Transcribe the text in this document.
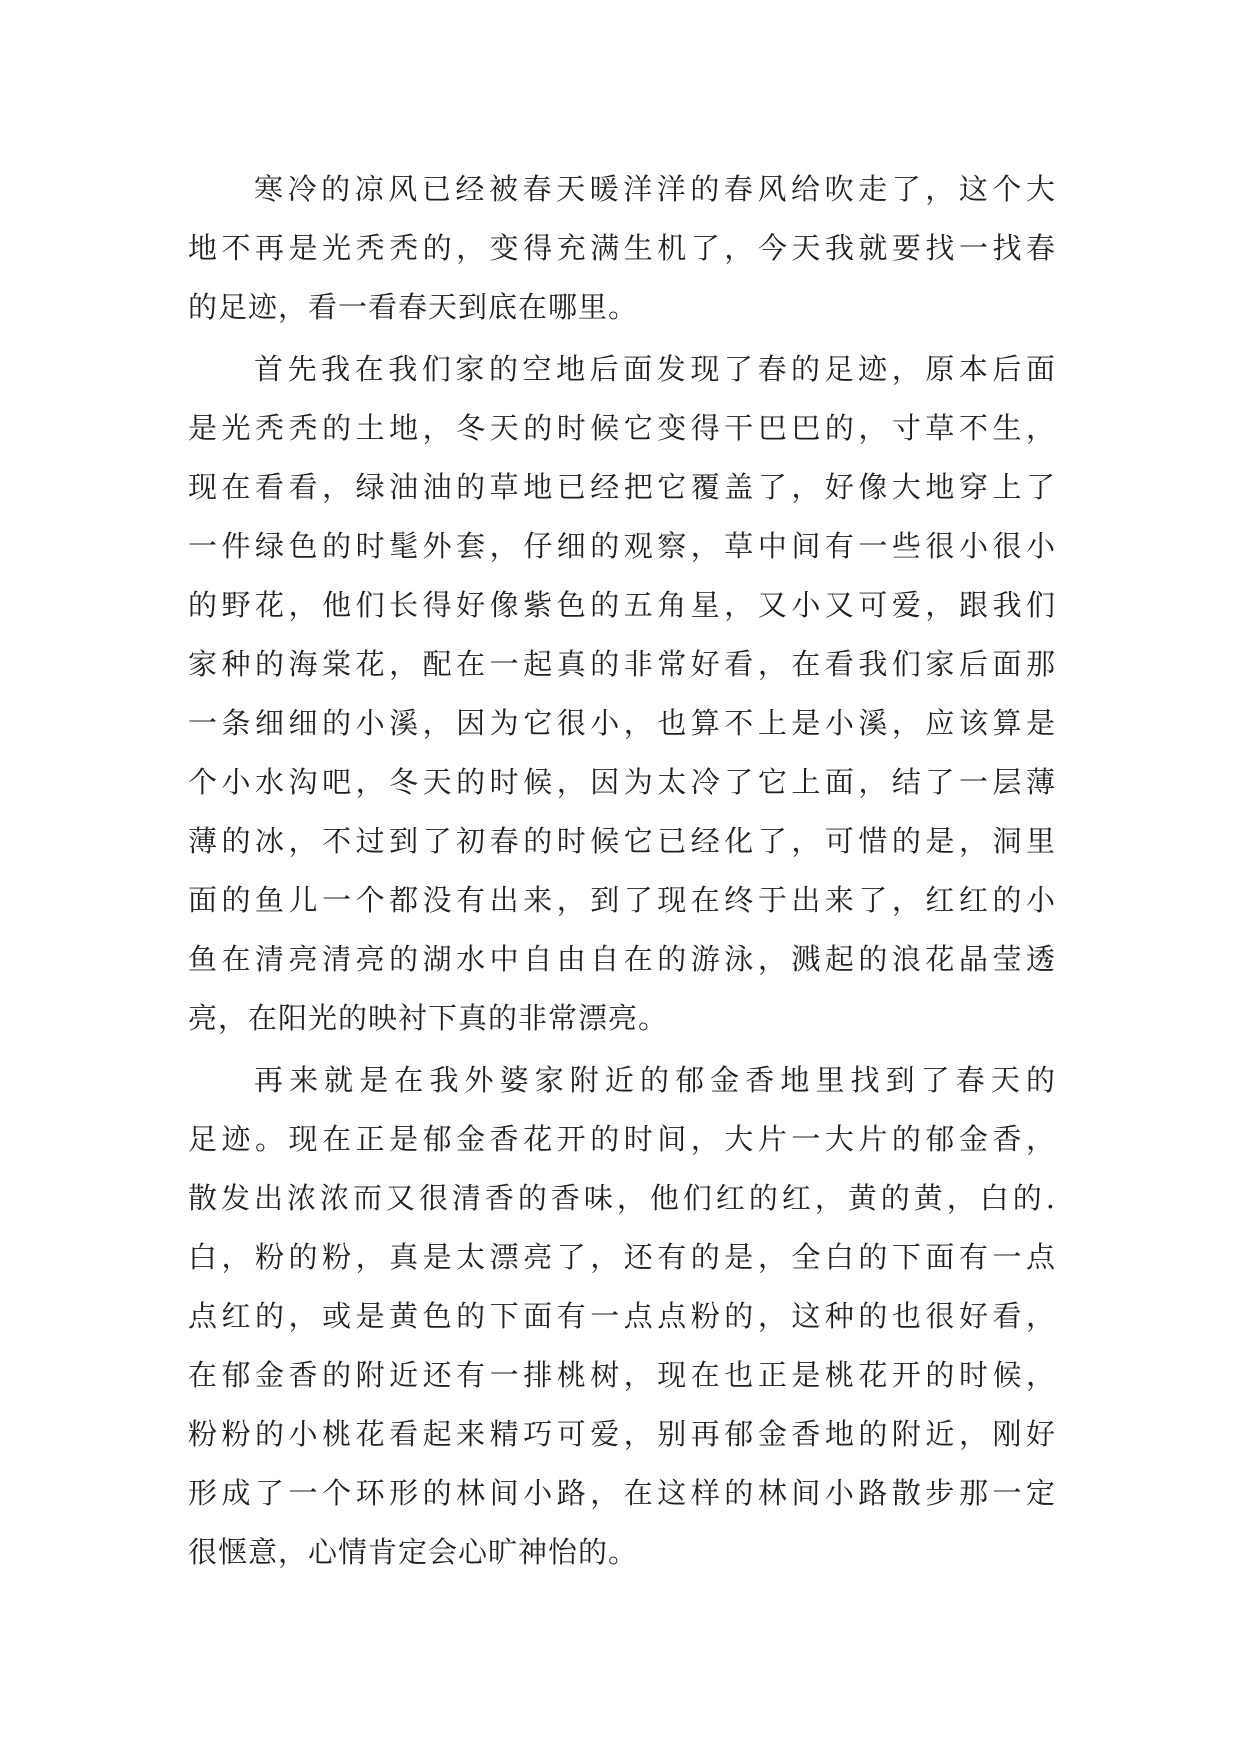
寒冷的凉风已经被春天暖洋洋的春风给吹走了，这个大
地不再是光秃秃的，变得充满生机了，今天我就要找一找春
的足迹，看一看春天到底在哪里。
首先我在我们家的空地后面发现了春的足迹，原本后面
是光秃秃的土地，冬天的时候它变得干巴巴的，寸草不生，
现在看看，绿油油的草地已经把它覆盖了，好像大地穿上了
一件绿色的时髦外套，仔细的观察，草中间有一些很小很小
的野花，他们长得好像紫色的五角星，又小又可爱，跟我们
家种的海棠花，配在一起真的非常好看，在看我们家后面那
一条细细的小溪，因为它很小，也算不上是小溪，应该算是
个小水沟吧，冬天的时候，因为太冷了它上面，结了一层薄
薄的冰，不过到了初春的时候它已经化了，可惜的是，洞里
面的鱼儿一个都没有出来，到了现在终于出来了，红红的小
鱼在清亮清亮的湖水中自由自在的游泳，溅起的浪花晶莹透
亮，在阳光的映衬下真的非常漂亮。
再来就是在我外婆家附近的郁金香地里找到了春天的
足迹。现在正是郁金香花开的时间，大片一大片的郁金香，
散发出浓浓而又很清香的香味，他们红的红，黄的黄，白的.
白，粉的粉，真是太漂亮了，还有的是，全白的下面有一点
点红的，或是黄色的下面有一点点粉的，这种的也很好看，
在郁金香的附近还有一排桃树，现在也正是桃花开的时候，
粉粉的小桃花看起来精巧可爱，别再郁金香地的附近，刚好
形成了一个环形的林间小路，在这样的林间小路散步那一定
很惬意，心情肯定会心旷神怡的。
